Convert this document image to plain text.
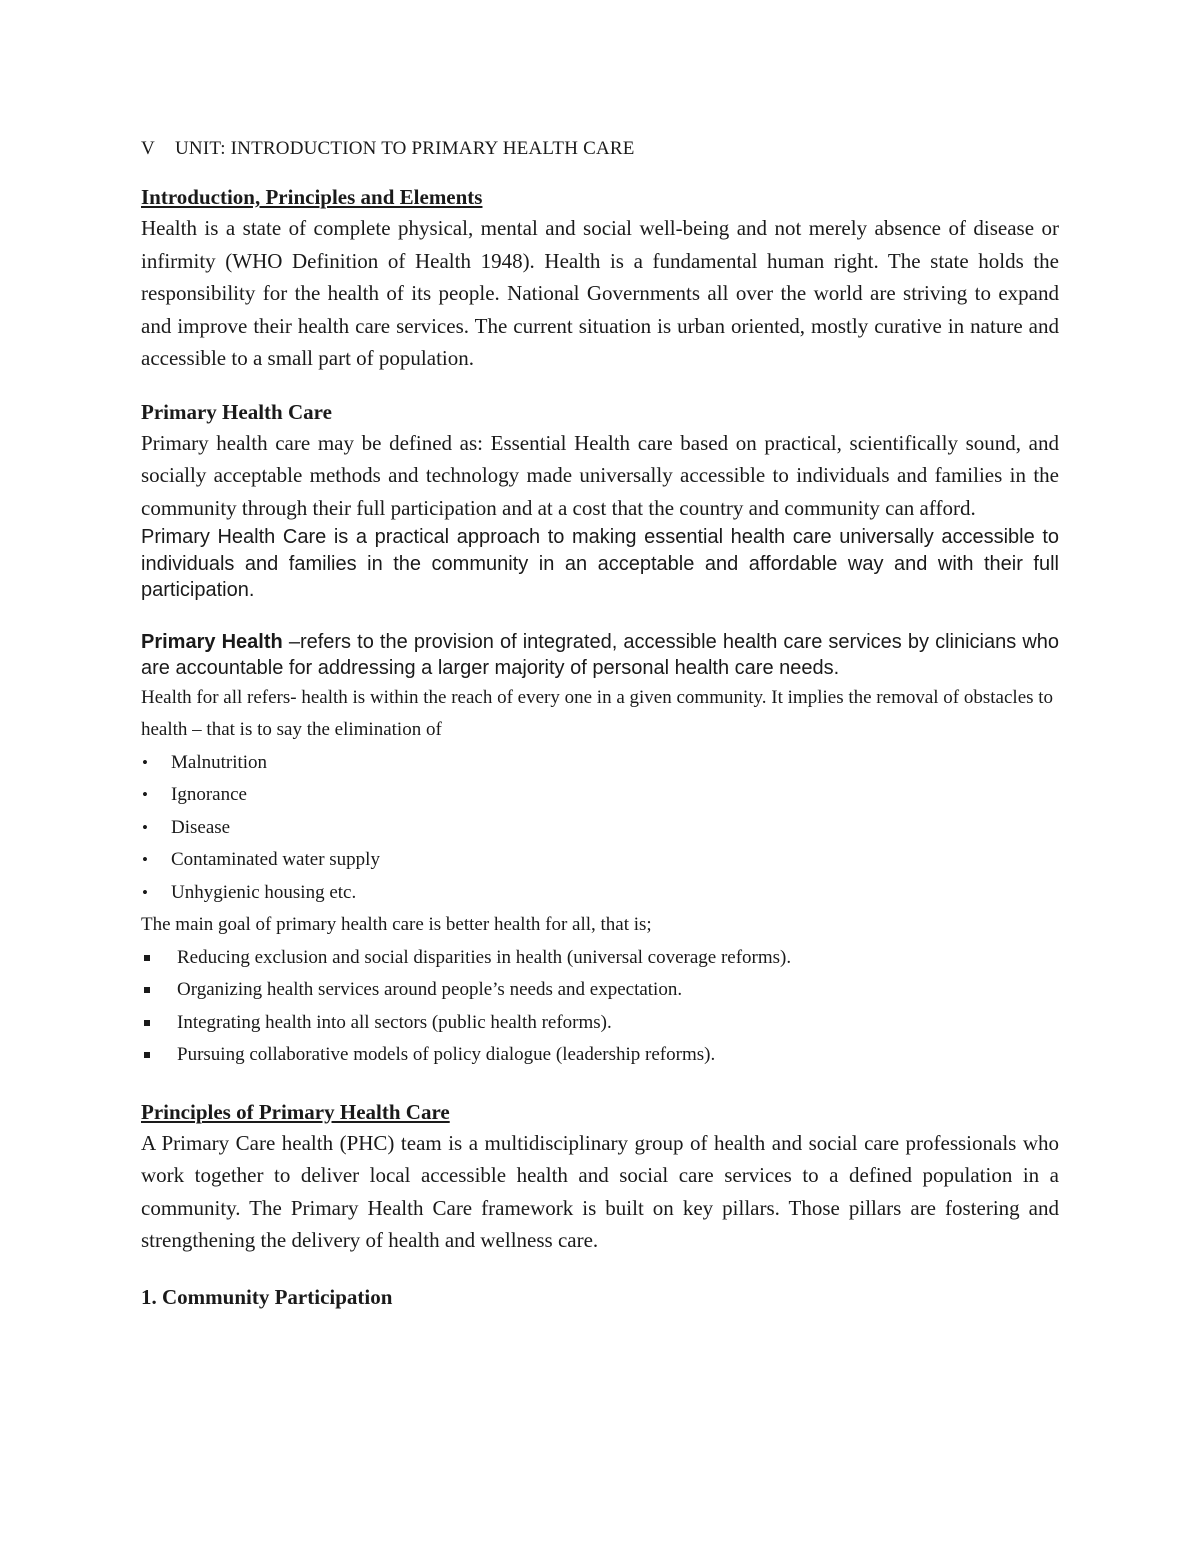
V UNIT: INTRODUCTION TO PRIMARY HEALTH CARE
Introduction, Principles and Elements

Health is a state of complete physical, mental and social well-being and not merely absence of disease or infirmity (WHO Definition of Health 1948). Health is a fundamental human right. The state holds the responsibility for the health of its people. National Governments all over the world are striving to expand and improve their health care services. The current situation is urban oriented, mostly curative in nature and accessible to a small part of population.

Primary Health Care

Primary health care may be defined as: Essential Health care based on practical, scientifically sound, and socially acceptable methods and technology made universally accessible to individuals and families in the community through their full participation and at a cost that the country and community can afford.

Primary Health Care is a practical approach to making essential health care universally accessible to individuals and families in the community in an acceptable and affordable way and with their full participation.

Primary Health –refers to the provision of integrated, accessible health care services by clinicians who are accountable for addressing a larger majority of personal health care needs.

Health for all refers- health is within the reach of every one in a given community. It implies the removal of obstacles to health – that is to say the elimination of

• Malnutrition
• Ignorance
• Disease
• Contaminated water supply
• Unhygienic housing etc.

The main goal of primary health care is better health for all, that is;

Reducing exclusion and social disparities in health (universal coverage reforms).
Organizing health services around people’s needs and expectation.
Integrating health into all sectors (public health reforms).
Pursuing collaborative models of policy dialogue (leadership reforms).
Principles of Primary Health Care

A Primary Care health (PHC) team is a multidisciplinary group of health and social care professionals who work together to deliver local accessible health and social care services to a defined population in a community. The Primary Health Care framework is built on key pillars. Those pillars are fostering and strengthening the delivery of health and wellness care.

1. Community Participation
